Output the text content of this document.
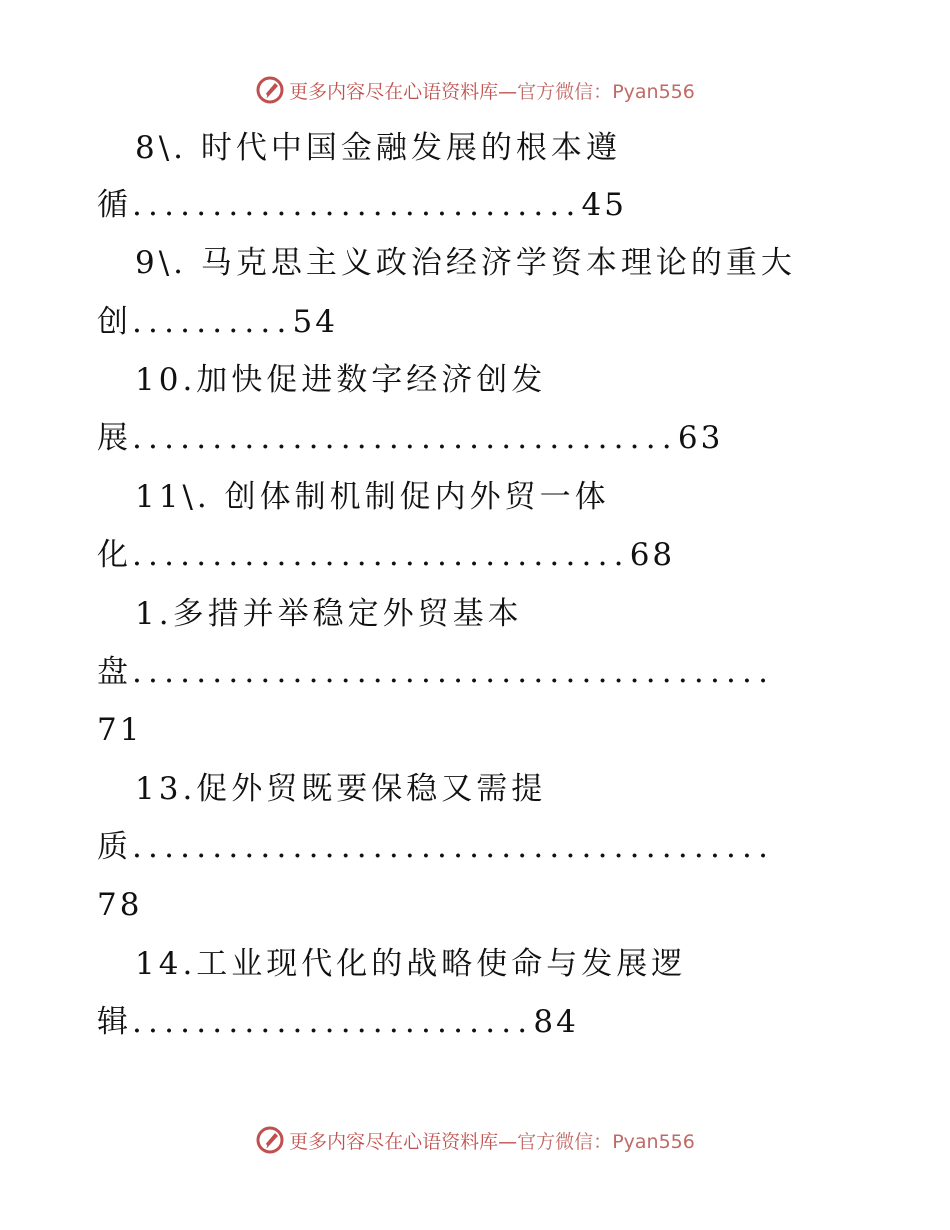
更多内容尽在心语资料库—官方微信：Pyan556
8\. 时代中国金融发展的根本遵
循............................45
9\. 马克思主义政治经济学资本理论的重大
创..........54
10.加快促进数字经济创发
展..................................63
11\. 创体制机制促内外贸一体
化...............................68
1.多措并举稳定外贸基本
盘........................................
71
13.促外贸既要保稳又需提
质........................................
78
14.工业现代化的战略使命与发展逻
辑.........................84
更多内容尽在心语资料库—官方微信：Pyan556
